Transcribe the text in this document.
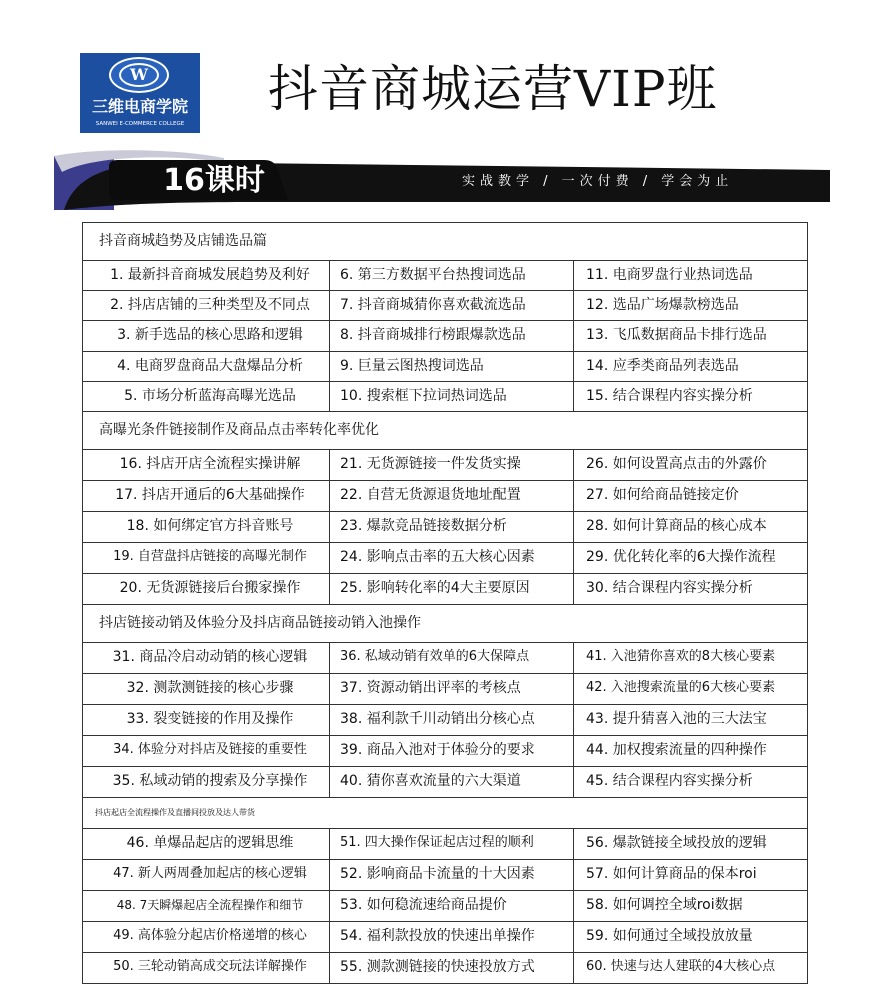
W
三维电商学院
SANWEI E-COMMERCE COLLEGE
抖音商城运营VIP班
16课时	实战教学 / 一次付费 / 学会为止
抖音商城趋势及店铺选品篇
1. 最新抖音商城发展趋势及利好	6. 第三方数据平台热搜词选品	11. 电商罗盘行业热词选品
2. 抖店店铺的三种类型及不同点	7. 抖音商城猜你喜欢截流选品	12. 选品广场爆款榜选品
3. 新手选品的核心思路和逻辑	8. 抖音商城排行榜跟爆款选品	13. 飞瓜数据商品卡排行选品
4. 电商罗盘商品大盘爆品分析	9. 巨量云图热搜词选品	14. 应季类商品列表选品
5. 市场分析蓝海高曝光选品	10. 搜索框下拉词热词选品	15. 结合课程内容实操分析
高曝光条件链接制作及商品点击率转化率优化
16. 抖店开店全流程实操讲解	21. 无货源链接一件发货实操	26. 如何设置高点击的外露价
17. 抖店开通后的6大基础操作	22. 自营无货源退货地址配置	27. 如何给商品链接定价
18. 如何绑定官方抖音账号	23. 爆款竞品链接数据分析	28. 如何计算商品的核心成本
19. 自营盘抖店链接的高曝光制作	24. 影响点击率的五大核心因素	29. 优化转化率的6大操作流程
20. 无货源链接后台搬家操作	25. 影响转化率的4大主要原因	30. 结合课程内容实操分析
抖店链接动销及体验分及抖店商品链接动销入池操作
31. 商品冷启动动销的核心逻辑	36. 私域动销有效单的6大保障点	41. 入池猜你喜欢的8大核心要素
32. 测款测链接的核心步骤	37. 资源动销出评率的考核点	42. 入池搜索流量的6大核心要素
33. 裂变链接的作用及操作	38. 福利款千川动销出分核心点	43. 提升猜喜入池的三大法宝
34. 体验分对抖店及链接的重要性	39. 商品入池对于体验分的要求	44. 加权搜索流量的四种操作
35. 私域动销的搜索及分享操作	40. 猜你喜欢流量的六大渠道	45. 结合课程内容实操分析
抖店起店全流程操作及直播间投放及达人带货
46. 单爆品起店的逻辑思维	51. 四大操作保证起店过程的顺利	56. 爆款链接全域投放的逻辑
47. 新人两周叠加起店的核心逻辑	52. 影响商品卡流量的十大因素	57. 如何计算商品的保本roi
48. 7天瞬爆起店全流程操作和细节	53. 如何稳流速给商品提价	58. 如何调控全域roi数据
49. 高体验分起店价格递增的核心	54. 福利款投放的快速出单操作	59. 如何通过全域投放放量
50. 三轮动销高成交玩法详解操作	55. 测款测链接的快速投放方式	60. 快速与达人建联的4大核心点
